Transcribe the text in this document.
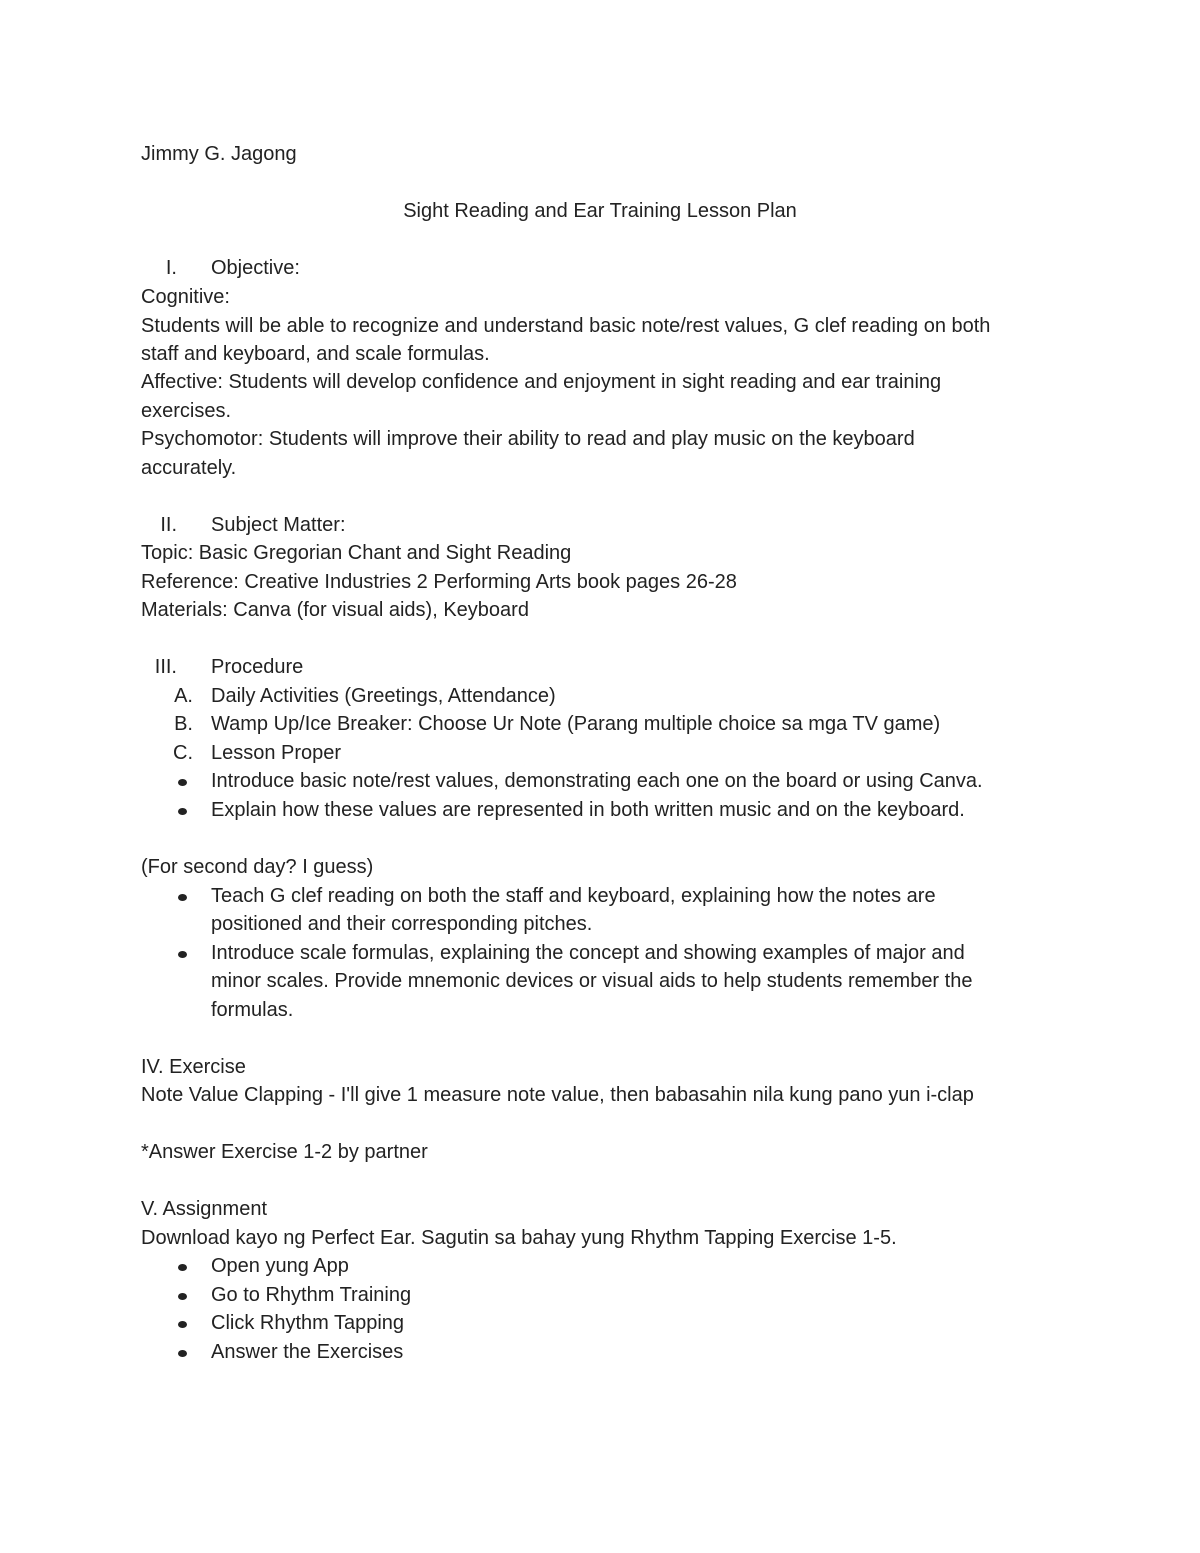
Jimmy G. Jagong
Sight Reading and Ear Training Lesson Plan
I. Objective:
Cognitive:
Students will be able to recognize and understand basic note/rest values, G clef reading on both
staff and keyboard, and scale formulas.
Affective: Students will develop confidence and enjoyment in sight reading and ear training
exercises.
Psychomotor: Students will improve their ability to read and play music on the keyboard
accurately.
II. Subject Matter:
Topic: Basic Gregorian Chant and Sight Reading
Reference: Creative Industries 2 Performing Arts book pages 26-28
Materials: Canva (for visual aids), Keyboard
III. Procedure
A. Daily Activities (Greetings, Attendance)
B. Wamp Up/Ice Breaker: Choose Ur Note (Parang multiple choice sa mga TV game)
C. Lesson Proper
Introduce basic note/rest values, demonstrating each one on the board or using Canva.
Explain how these values are represented in both written music and on the keyboard.
(For second day? I guess)
Teach G clef reading on both the staff and keyboard, explaining how the notes are
positioned and their corresponding pitches.
Introduce scale formulas, explaining the concept and showing examples of major and
minor scales. Provide mnemonic devices or visual aids to help students remember the
formulas.
IV. Exercise
Note Value Clapping - I'll give 1 measure note value, then babasahin nila kung pano yun i-clap
*Answer Exercise 1-2 by partner
V. Assignment
Download kayo ng Perfect Ear. Sagutin sa bahay yung Rhythm Tapping Exercise 1-5.
Open yung App
Go to Rhythm Training
Click Rhythm Tapping
Answer the Exercises
